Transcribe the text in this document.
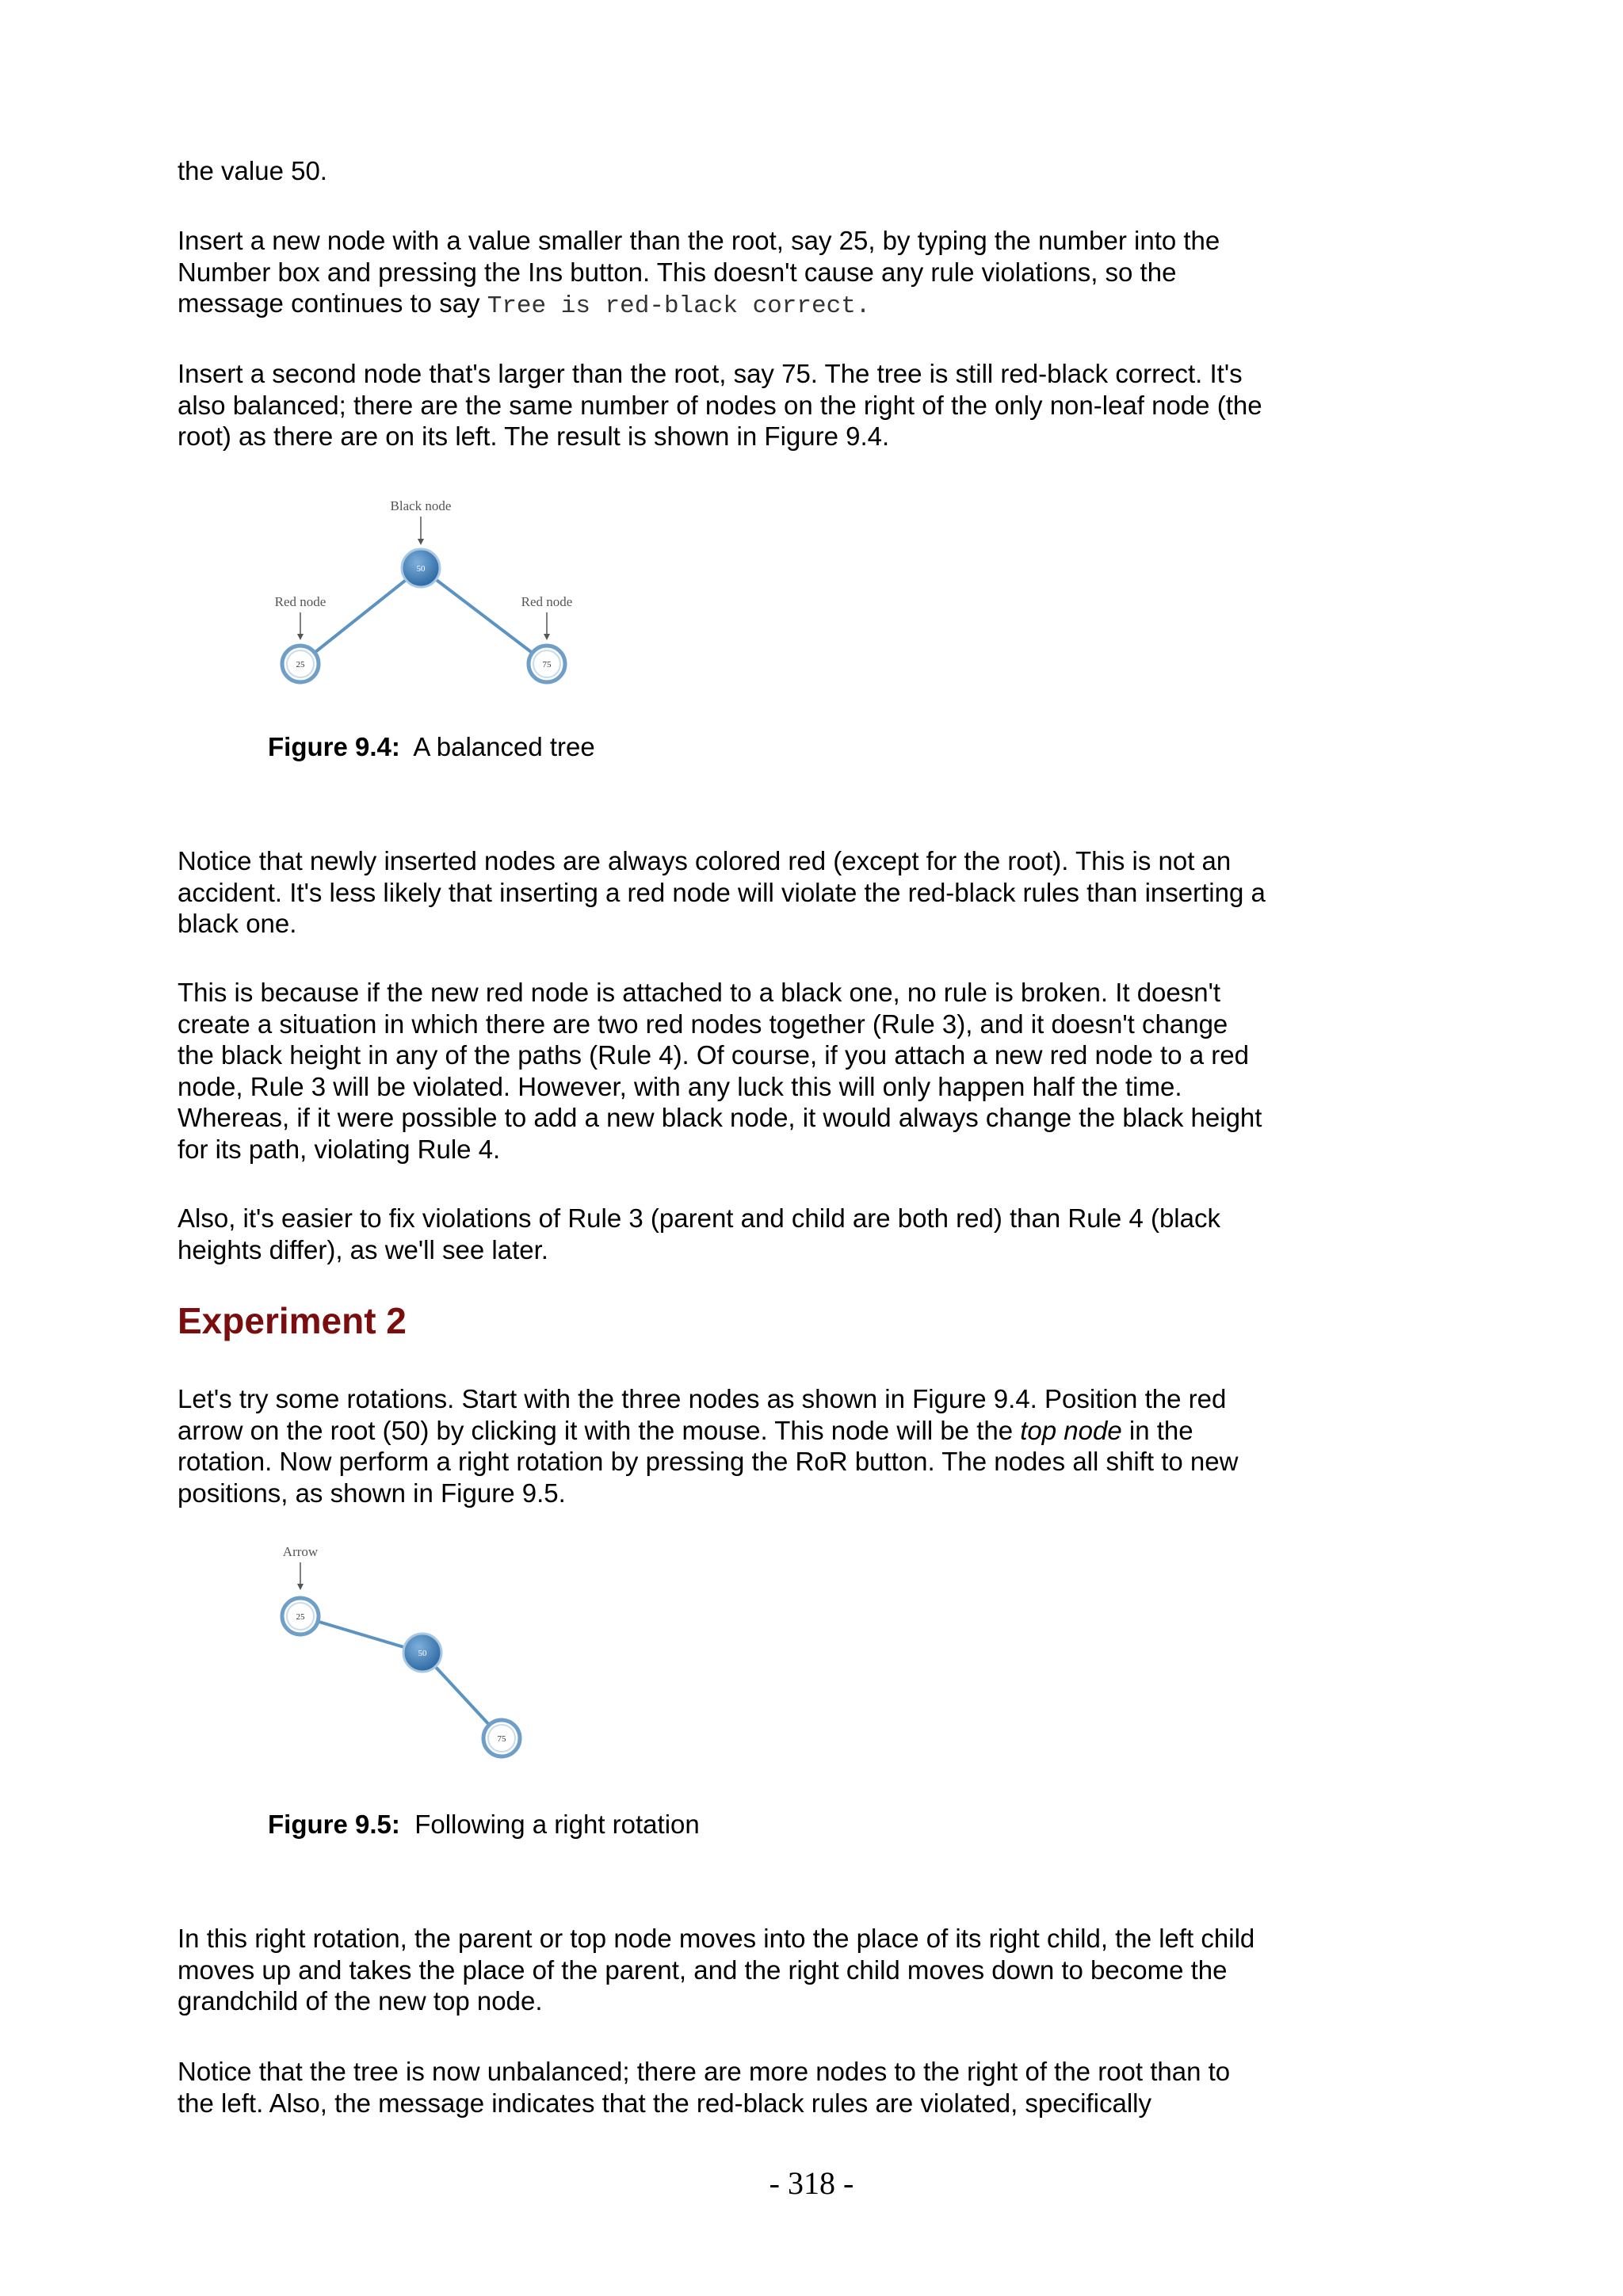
the value 50.

Insert a new node with a value smaller than the root, say 25, by typing the number into the Number box and pressing the Ins button. This doesn't cause any rule violations, so the message continues to say Tree is red-black correct.

Insert a second node that's larger than the root, say 75. The tree is still red-black correct. It's also balanced; there are the same number of nodes on the right of the only non-leaf node (the root) as there are on its left. The result is shown in Figure 9.4.

Black node
Red node	Red node
50
25	75

Figure 9.4: A balanced tree

Notice that newly inserted nodes are always colored red (except for the root). This is not an accident. It's less likely that inserting a red node will violate the red-black rules than inserting a black one.

This is because if the new red node is attached to a black one, no rule is broken. It doesn't create a situation in which there are two red nodes together (Rule 3), and it doesn't change the black height in any of the paths (Rule 4). Of course, if you attach a new red node to a red node, Rule 3 will be violated. However, with any luck this will only happen half the time. Whereas, if it were possible to add a new black node, it would always change the black height for its path, violating Rule 4.

Also, it's easier to fix violations of Rule 3 (parent and child are both red) than Rule 4 (black heights differ), as we'll see later.

Experiment 2

Let's try some rotations. Start with the three nodes as shown in Figure 9.4. Position the red arrow on the root (50) by clicking it with the mouse. This node will be the top node in the rotation. Now perform a right rotation by pressing the RoR button. The nodes all shift to new positions, as shown in Figure 9.5.

Arrow
25
50
75

Figure 9.5: Following a right rotation

In this right rotation, the parent or top node moves into the place of its right child, the left child moves up and takes the place of the parent, and the right child moves down to become the grandchild of the new top node.

Notice that the tree is now unbalanced; there are more nodes to the right of the root than to the left. Also, the message indicates that the red-black rules are violated, specifically

- 318 -
